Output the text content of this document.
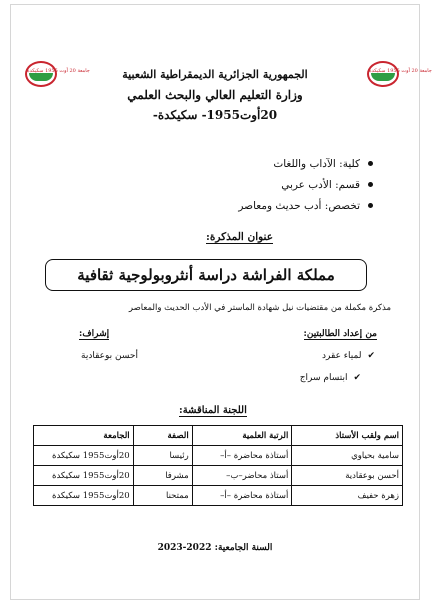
جامعة 20 أوت 1955 سكيكدة	جامعة 20 أوت 1955 سكيكدة
الجمهورية الجزائرية الديمقراطية الشعبية
وزارة التعليم العالي والبحث العلمي
20أوت1955- سكيكدة-
كلية: الآداب واللغات
قسم: الأدب عربي
تخصص: أدب حديث ومعاصر
عنوان المذكرة:
مملكة الفراشة دراسة أنثروبولوجية ثقافية
مذكرة مكملة من مقتضيات نيل شهادة الماستر في الأدب الحديث والمعاصر
من إعداد الطالبتين:
إشراف:
✔
لمياء عقرد
✔
ابتسام سراج
أحسن بوعقادية
اللجنة المناقشة:
اسم ولقب الأستاذ	الرتبة العلمية	الصفة	الجامعة
سامية بحياوي	أستاذة محاضرة –أ–	رئيسا	20أوت1955 سكيكدة
أحسن بوعقادية	أستاذ محاضر–ب–	مشرفا	20أوت1955 سكيكدة
زهرة حفيف	أستاذة محاضرة –أ–	ممتحنا	20أوت1955 سكيكدة
السنة الجامعية: 2022-2023
